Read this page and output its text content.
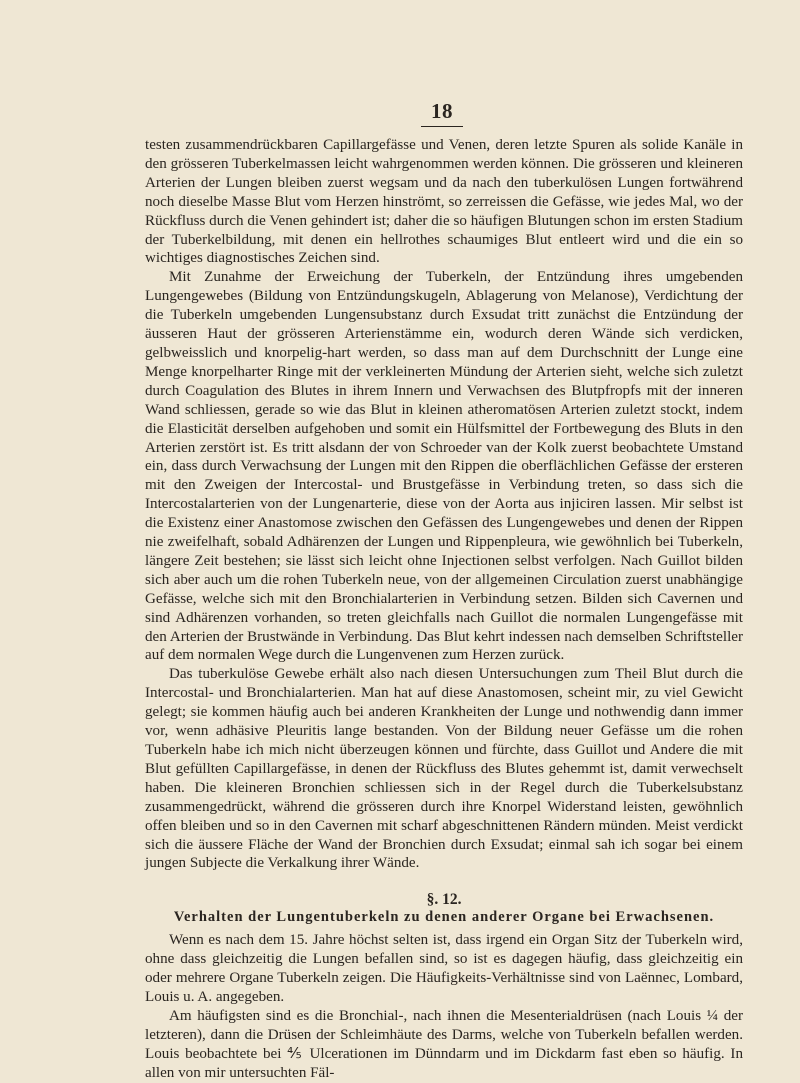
18

testen zusammendrückbaren Capillargefässe und Venen, deren letzte Spuren als solide Kanäle in den grösseren Tuberkelmassen leicht wahrgenommen werden können. Die grösseren und kleineren Arterien der Lungen bleiben zuerst wegsam und da nach den tuberkulösen Lungen fortwährend noch dieselbe Masse Blut vom Herzen hinströmt, so zerreissen die Gefässe, wie jedes Mal, wo der Rückfluss durch die Venen gehindert ist; daher die so häufigen Blutungen schon im ersten Stadium der Tuberkelbildung, mit denen ein hellrothes schaumiges Blut entleert wird und die ein so wichtiges diagnostisches Zeichen sind.

Mit Zunahme der Erweichung der Tuberkeln, der Entzündung ihres umgebenden Lungengewebes (Bildung von Entzündungskugeln, Ablagerung von Melanose), Verdichtung der die Tuberkeln umgebenden Lungensubstanz durch Exsudat tritt zunächst die Entzündung der äusseren Haut der grösseren Arterienstämme ein, wodurch deren Wände sich verdicken, gelbweisslich und knorpelig-hart werden, so dass man auf dem Durchschnitt der Lunge eine Menge knorpelharter Ringe mit der verkleinerten Mündung der Arterien sieht, welche sich zuletzt durch Coagulation des Blutes in ihrem Innern und Verwachsen des Blutpfropfs mit der inneren Wand schliessen, gerade so wie das Blut in kleinen atheromatösen Arterien zuletzt stockt, indem die Elasticität derselben aufgehoben und somit ein Hülfsmittel der Fortbewegung des Bluts in den Arterien zerstört ist. Es tritt alsdann der von Schroeder van der Kolk zuerst beobachtete Umstand ein, dass durch Verwachsung der Lungen mit den Rippen die oberflächlichen Gefässe der ersteren mit den Zweigen der Intercostal- und Brustgefässe in Verbindung treten, so dass sich die Intercostalarterien von der Lungenarterie, diese von der Aorta aus injiciren lassen. Mir selbst ist die Existenz einer Anastomose zwischen den Gefässen des Lungengewebes und denen der Rippen nie zweifelhaft, sobald Adhärenzen der Lungen und Rippenpleura, wie gewöhnlich bei Tuberkeln, längere Zeit bestehen; sie lässt sich leicht ohne Injectionen selbst verfolgen. Nach Guillot bilden sich aber auch um die rohen Tuberkeln neue, von der allgemeinen Circulation zuerst unabhängige Gefässe, welche sich mit den Bronchialarterien in Verbindung setzen. Bilden sich Cavernen und sind Adhärenzen vorhanden, so treten gleichfalls nach Guillot die normalen Lungengefässe mit den Arterien der Brustwände in Verbindung. Das Blut kehrt indessen nach demselben Schriftsteller auf dem normalen Wege durch die Lungenvenen zum Herzen zurück.

Das tuberkulöse Gewebe erhält also nach diesen Untersuchungen zum Theil Blut durch die Intercostal- und Bronchialarterien. Man hat auf diese Anastomosen, scheint mir, zu viel Gewicht gelegt; sie kommen häufig auch bei anderen Krankheiten der Lunge und nothwendig dann immer vor, wenn adhäsive Pleuritis lange bestanden. Von der Bildung neuer Gefässe um die rohen Tuberkeln habe ich mich nicht überzeugen können und fürchte, dass Guillot und Andere die mit Blut gefüllten Capillargefässe, in denen der Rückfluss des Blutes gehemmt ist, damit verwechselt haben. Die kleineren Bronchien schliessen sich in der Regel durch die Tuberkelsubstanz zusammengedrückt, während die grösseren durch ihre Knorpel Widerstand leisten, gewöhnlich offen bleiben und so in den Cavernen mit scharf abgeschnittenen Rändern münden. Meist verdickt sich die äussere Fläche der Wand der Bronchien durch Exsudat; einmal sah ich sogar bei einem jungen Subjecte die Verkalkung ihrer Wände.

§. 12.
Verhalten der Lungentuberkeln zu denen anderer Organe bei Erwachsenen.

Wenn es nach dem 15. Jahre höchst selten ist, dass irgend ein Organ Sitz der Tuberkeln wird, ohne dass gleichzeitig die Lungen befallen sind, so ist es dagegen häufig, dass gleichzeitig ein oder mehrere Organe Tuberkeln zeigen. Die Häufigkeits-Verhältnisse sind von Laënnec, Lombard, Louis u. A. angegeben.

Am häufigsten sind es die Bronchial-, nach ihnen die Mesenterialdrüsen (nach Louis ¼ der letzteren), dann die Drüsen der Schleimhäute des Darms, welche von Tuberkeln befallen werden. Louis beobachtete bei ⅘ Ulcerationen im Dünndarm und im Dickdarm fast eben so häufig. In allen von mir untersuchten Fäl-
